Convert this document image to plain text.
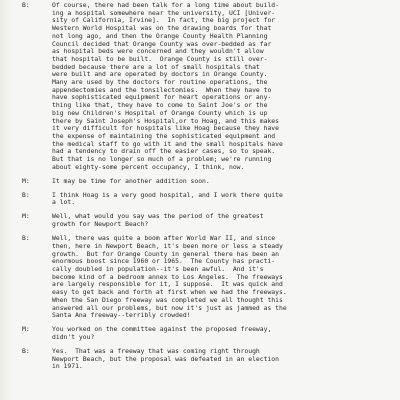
B:	Of course, there had been talk for a long time about build-
ing a hospital somewhere near the university, UCI [Univer-
sity of California, Irvine].  In fact, the big project for
Western World Hospital was on the drawing boards for that
not long ago, and then the Orange County Health Planning
Council decided that Orange County was over-bedded as far
as hospital beds were concerned and they wouldn't allow
that hospital to be built.  Orange County is still over-
bedded because there are a lot of small hospitals that
were built and are operated by doctors in Orange County.
Many are used by the doctors for routine operations, the
appendectomies and the tonsilectomies.  When they have to
have sophisticated equipment for heart operations or any-
thing like that, they have to come to Saint Joe's or the
big new Children's Hospital of Orange County which is up
there by Saint Joseph's Hospital,or to Hoag, and this makes
it very difficult for hospitals like Hoag because they have
the expense of maintaining the sophisticated equipment and
the medical staff to go with it and the small hospitals have
had a tendency to drain off the easier cases, so to speak.
But that is no longer so much of a problem; we're running
about eighty-some percent occupancy, I think, now.
M:	It may be time for another addition soon.
B:	I think Hoag is a very good hospital, and I work there quite
a lot.
M:	Well, what would you say was the period of the greatest
growth for Newport Beach?
B:	Well, there was quite a boom after World War II, and since
then, here in Newport Beach, it's been more or less a steady
growth.  But for Orange County in general there has been an
enormous boost since 1960 or 1965.  The County has practi-
cally doubled in population--it's been awful.  And it's
become kind of a bedroom annex to Los Angeles.  The freeways
are largely responsible for it, I suppose.  It was quick and
easy to get back and forth at first when we had the freeways.
When the San Diego freeway was completed we all thought this
answered all our problems, but now it's just as jammed as the
Santa Ana freeway--terribly crowded!
M:	You worked on the committee against the proposed freeway,
didn't you?
B:	Yes.  That was a freeway that was coming right through
Newport Beach, but the proposal was defeated in an election
in 1971.
